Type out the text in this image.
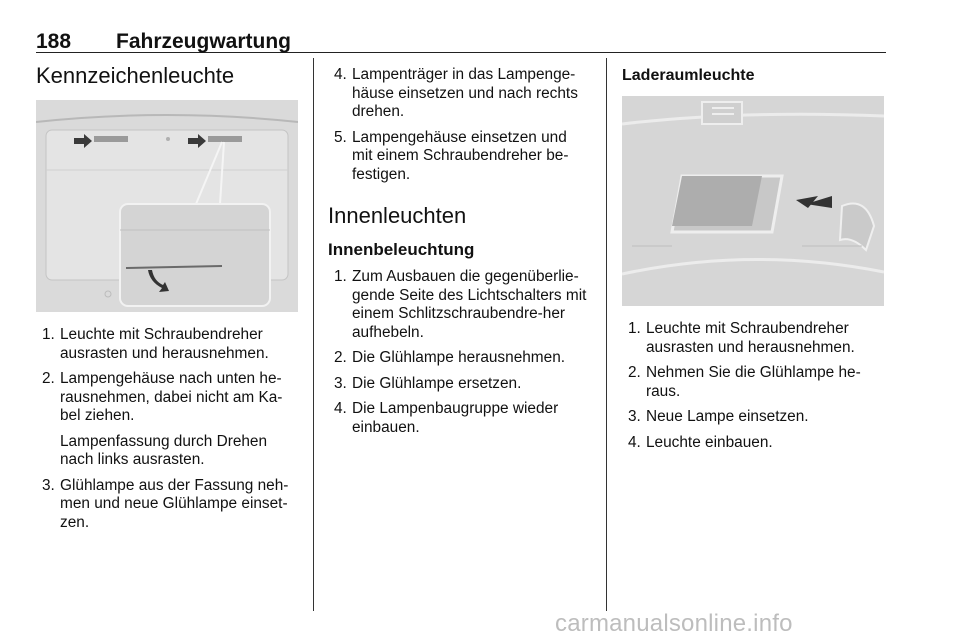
188 Fahrzeugwartung
Kennzeichenleuchte
1. Leuchte mit Schraubendreher ausrasten und herausnehmen.
2. Lampengehäuse nach unten he-rausnehmen, dabei nicht am Ka-bel ziehen.
Lampenfassung durch Drehen nach links ausrasten.
3. Glühlampe aus der Fassung neh-men und neue Glühlampe einset-zen.
4. Lampenträger in das Lampenge-häuse einsetzen und nach rechts drehen.
5. Lampengehäuse einsetzen und mit einem Schraubendreher be-festigen.
Innenleuchten
Innenbeleuchtung
1. Zum Ausbauen die gegenüberlie-gende Seite des Lichtschalters mit einem Schlitzschraubendre-her aufhebeln.
2. Die Glühlampe herausnehmen.
3. Die Glühlampe ersetzen.
4. Die Lampenbaugruppe wieder einbauen.
Laderaumleuchte
1. Leuchte mit Schraubendreher ausrasten und herausnehmen.
2. Nehmen Sie die Glühlampe he-raus.
3. Neue Lampe einsetzen.
4. Leuchte einbauen.
carmanualsonline.info
